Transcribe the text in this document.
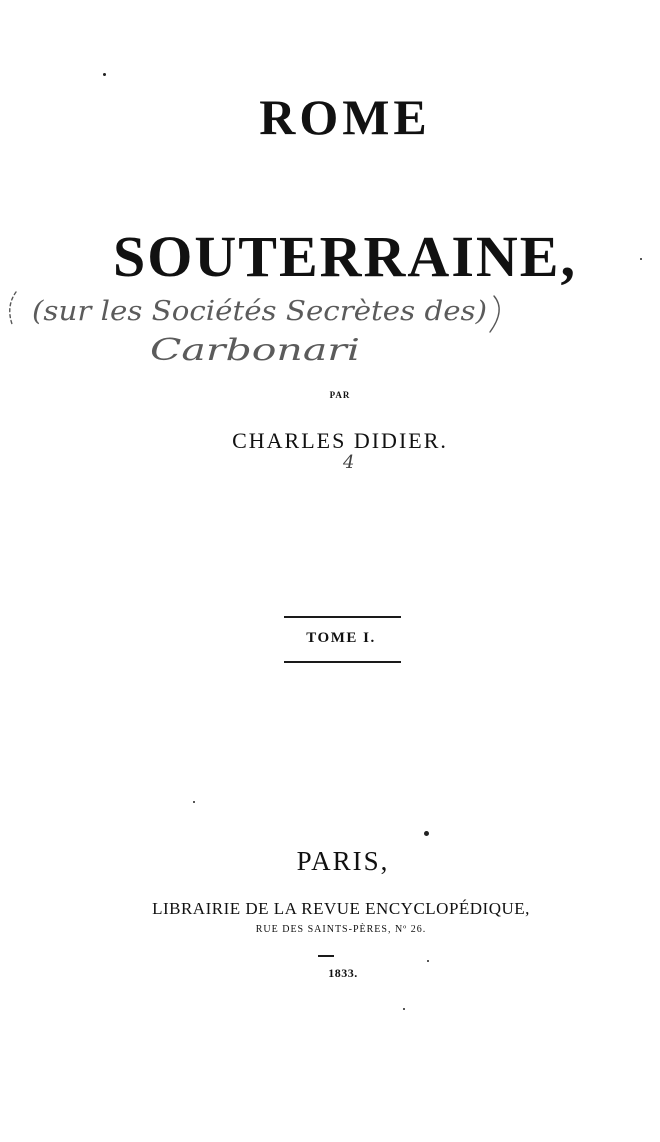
ROME
SOUTERRAINE,
(sur les Sociétés Secrètes des)
Carbonari
4
PAR
CHARLES DIDIER.
TOME I.
PARIS,
LIBRAIRIE DE LA REVUE ENCYCLOPÉDIQUE,
RUE DES SAINTS-PÈRES, Nº 26.
1833.
